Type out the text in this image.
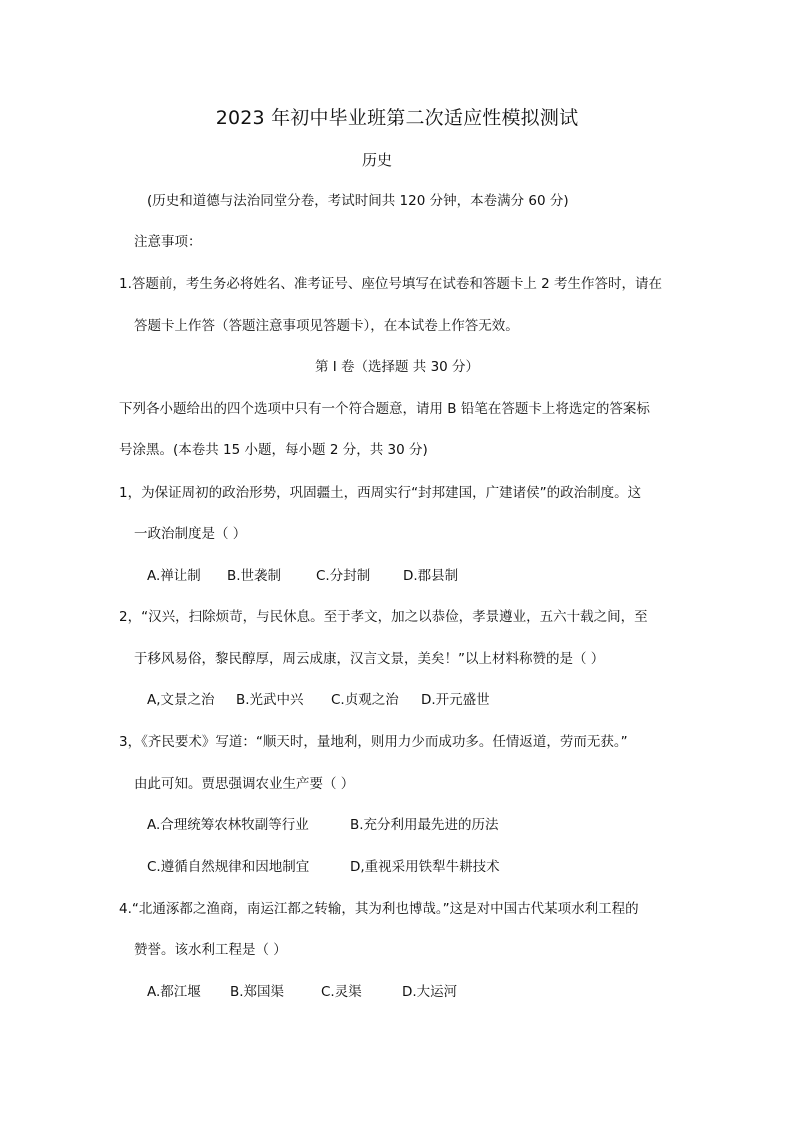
2023 年初中毕业班第二次适应性模拟测试
历史
(历史和道德与法治同堂分卷，考试时间共 120 分钟，本卷满分 60 分)
注意事项：
1.答题前，考生务必将姓名、准考证号、座位号填写在试卷和答题卡上 2 考生作答时，请在
答题卡上作答（答题注意事项见答题卡），在本试卷上作答无效。
第 I 卷（选择题 共 30 分）
下列各小题给出的四个选项中只有一个符合题意，请用 B 铅笔在答题卡上将选定的答案标
号涂黑。(本卷共 15 小题，每小题 2 分，共 30 分)
1，为保证周初的政治形势，巩固疆土，西周实行“封邦建国，广建诸侯”的政治制度。这
一政治制度是（ ）
A.禅让制 B.世袭制	C.分封制 D.郡县制
2，“汉兴，扫除烦苛，与民休息。至于孝文，加之以恭俭，孝景遵业，五六十载之间，至
于移风易俗，黎民醇厚，周云成康，汉言文景，美矣！”以上材料称赞的是（ ）
A,文景之治 B.光武中兴 C.贞观之治 D.开元盛世
3，《齐民要术》写道：“顺天时，量地利，则用力少而成功多。任情返道，劳而无获。”
由此可知。贾思强调农业生产要（ ）
A.合理统筹农林牧副等行业	B.充分利用最先进的历法
C.遵循自然规律和因地制宜	D,重视采用铁犁牛耕技术
4.“北通涿都之渔商，南运江都之转输，其为利也博哉。”这是对中国古代某项水利工程的
赞誉。该水利工程是（ ）
A.都江堰 B.郑国渠	C.灵渠	D.大运河
